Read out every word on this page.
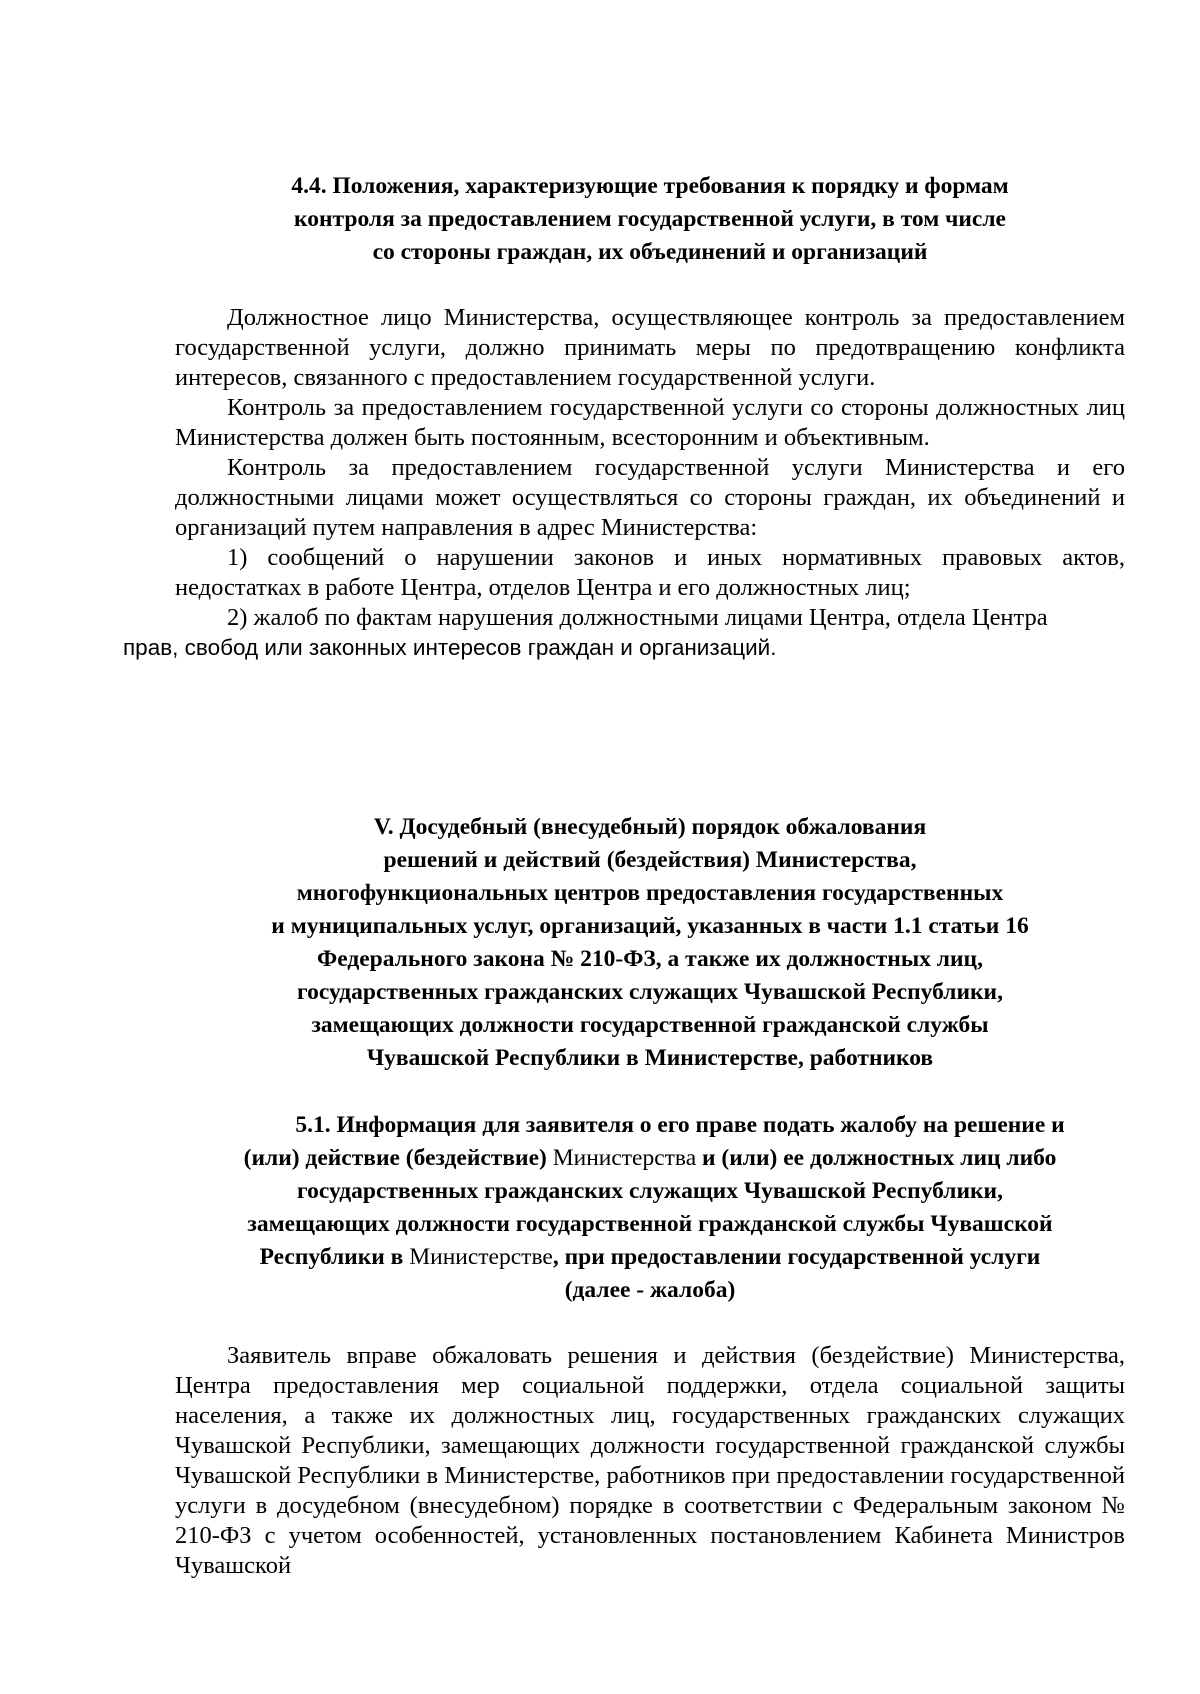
4.4. Положения, характеризующие требования к порядку и формам
контроля за предоставлением государственной услуги, в том числе
со стороны граждан, их объединений и организаций

Должностное лицо Министерства, осуществляющее контроль за предоставлением государственной услуги, должно принимать меры по предотвращению конфликта интересов, связанного с предоставлением государственной услуги.

Контроль за предоставлением государственной услуги со стороны должностных лиц Министерства должен быть постоянным, всесторонним и объективным.

Контроль за предоставлением государственной услуги Министерства и его должностными лицами может осуществляться со стороны граждан, их объединений и организаций путем направления в адрес Министерства:

1) сообщений о нарушении законов и иных нормативных правовых актов, недостатках в работе Центра, отделов Центра и его должностных лиц;

2) жалоб по фактам нарушения должностными лицами Центра, отдела Центра
прав, свобод или законных интересов граждан и организаций.

V. Досудебный (внесудебный) порядок обжалования
решений и действий (бездействия) Министерства,
многофункциональных центров предоставления государственных
и муниципальных услуг, организаций, указанных в части 1.1 статьи 16
Федерального закона № 210-ФЗ, а также их должностных лиц,
государственных гражданских служащих Чувашской Республики,
замещающих должности государственной гражданской службы
Чувашской Республики в Министерстве, работников
5.1. Информация для заявителя о его праве подать жалобу на решение и
(или) действие (бездействие) Министерства и (или) ее должностных лиц либо
государственных гражданских служащих Чувашской Республики,
замещающих должности государственной гражданской службы Чувашской
Республики в Министерстве, при предоставлении государственной услуги
(далее - жалоба)

Заявитель вправе обжаловать решения и действия (бездействие) Министерства, Центра предоставления мер социальной поддержки, отдела социальной защиты населения, а также их должностных лиц, государственных гражданских служащих Чувашской Республики, замещающих должности государственной гражданской службы Чувашской Республики в Министерстве, работников при предоставлении государственной услуги в досудебном (внесудебном) порядке в соответствии с Федеральным законом № 210-ФЗ с учетом особенностей, установленных постановлением Кабинета Министров Чувашской
